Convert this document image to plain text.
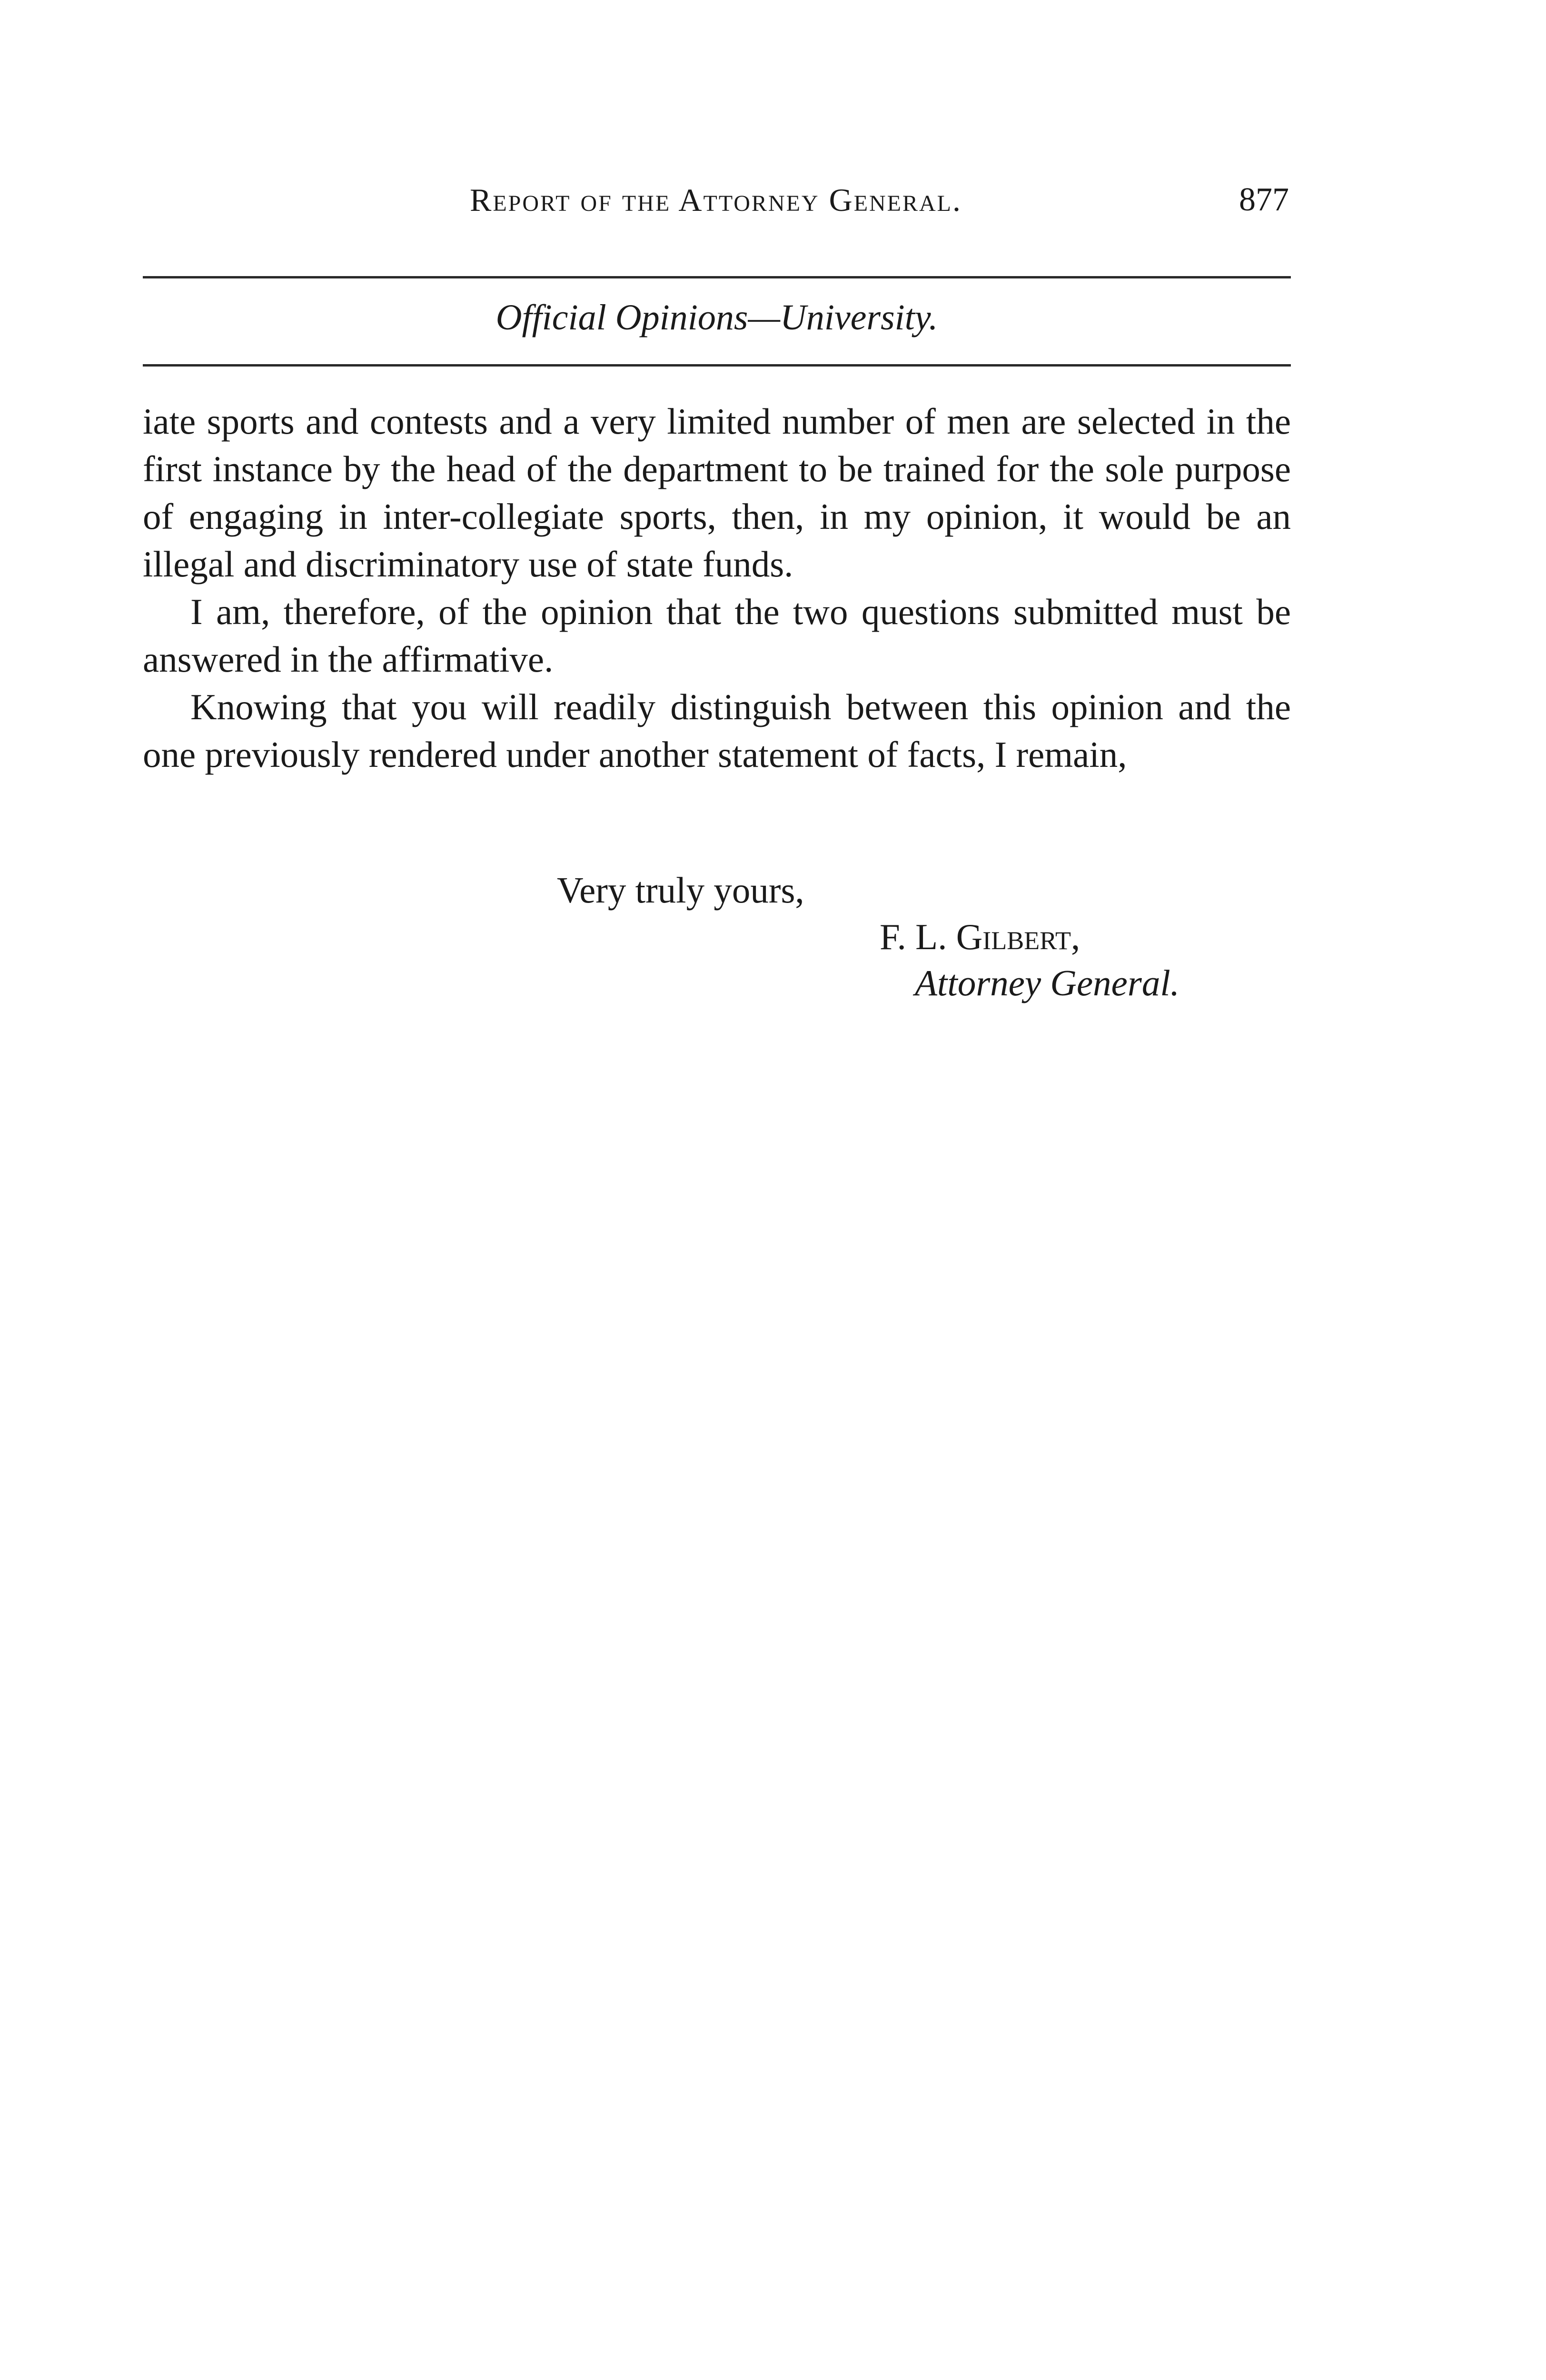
Report of the Attorney General.	877
Official Opinions—University.

iate sports and contests and a very limited number of men are selected in the first instance by the head of the department to be trained for the sole purpose of engaging in inter-collegiate sports, then, in my opinion, it would be an illegal and discriminatory use of state funds.

I am, therefore, of the opinion that the two questions submitted must be answered in the affirmative.

Knowing that you will readily distinguish between this opinion and the one previously rendered under another statement of facts, I remain,

Very truly yours,
F. L. Gilbert,
Attorney General.
